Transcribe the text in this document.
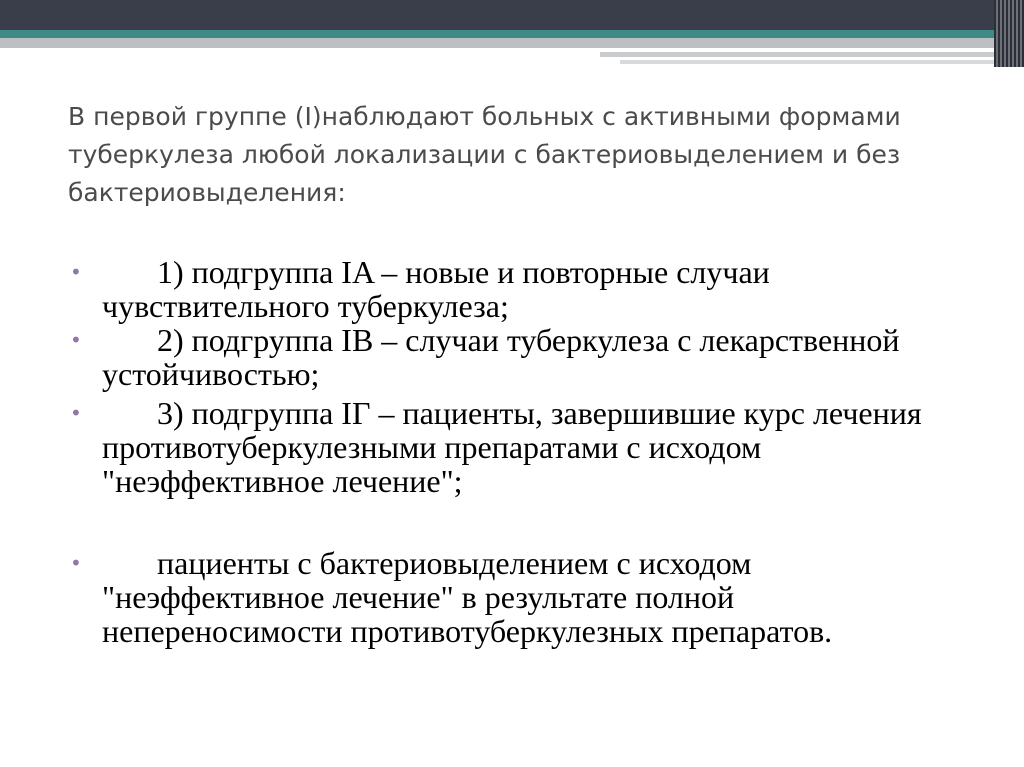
В первой группе (I)наблюдают больных с активными формами туберкулеза любой локализации с бактериовыделением и без бактериовыделения:
•	1) подгруппа IA – новые и повторные случаи чувствительного туберкулеза;
•	2) подгруппа IB – случаи туберкулеза с лекарственной устойчивостью;
•	3) подгруппа IГ – пациенты, завершившие курс лечения противотуберкулезными препаратами с исходом "неэффективное лечение";
•	пациенты с бактериовыделением с исходом "неэффективное лечение" в результате полной непереносимости противотуберкулезных препаратов.
